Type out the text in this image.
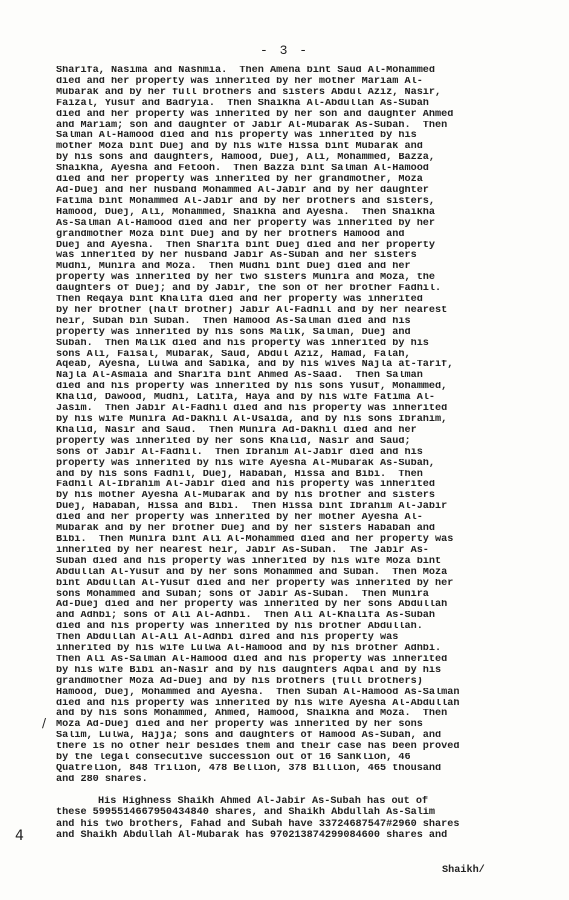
- 3 -
/
Sharifa, Nasima and Nashmia.  Then Amena bint Saud Al-Mohammed
died and her property was inherited by her mother Mariam Al-
Mubarak and by her full brothers and sisters Abdul Aziz, Nasir,
Faizal, Yusuf and Badryia.  Then Shaikha Al-Abdullah As-Subah
died and her property was inherited by her son and daughter Ahmed
and Mariam; son and daughter of Jabir Al-Mubarak As-Subah.  Then
Salman Al-Hamood died and his property was inherited by his
mother Moza bint Duej and by his wife Hissa bint Mubarak and
by his sons and daughters, Hamood, Duej, Ali, Mohammed, Bazza,
Shaikha, Ayesha and Fetooh.  Then Bazza bint Salman Al-Hamood
died and her property was inherited by her grandmother, Moza
Ad-Duej and her husband Mohammed Al-Jabir and by her daughter
Fatima bint Mohammed Al-Jabir and by her brothers and sisters,
Hamood, Duej, Ali, Mohammed, Shaikha and Ayesha.  Then Shaikha
As-Salman Al-Hamood died and her property was inherited by her
grandmother Moza bint Duej and by her brothers Hamood and
Duej and Ayesha.  Then Sharifa bint Duej died and her property
was inherited by her husband Jabir As-Subah and her sisters
Mudhi, Munira and Moza.  Then Mudhi bint Duej died and her
property was inherited by her two sisters Munira and Moza, the
daughters of Duej; and by Jabir, the son of her brother Fadhil.
Then Reqaya bint Khalifa died and her property was inherited
by her brother (half brother) Jabir Al-Fadhil and by her nearest
heir, Subah bin Subah.  Then Hamood As-Salman died and his
property was inherited by his sons Malik, Salman, Duej and
Subah.  Then Malik died and his property was inherited by his
sons Ali, Faisal, Mubarak, Saud, Abdul Aziz, Hamad, Falah,
Aqeab, Ayesha, Lulwa and Sabika, and by his wives Najla at-Tarif,
Najla Al-Asmaia and Sharifa bint Ahmed As-Saad.  Then Salman
died and his property was inherited by his sons Yusuf, Mohammed,
Khalid, Dawood, Mudhi, Latifa, Haya and by his wife Fatima Al-
Jasim.  Then Jabir Al-Fadhil died and his property was inherited
by his wife Munira Ad-Dakhil Al-Usaida, and by his sons Ibrahim,
Khalid, Nasir and Saud.  Then Munira Ad-Dakhil died and her
property was inherited by her sons Khalid, Nasir and Saud;
sons of Jabir Al-Fadhil.  Then Ibrahim Al-Jabir died and his
property was inherited by his wife Ayesha Al-Mubarak As-Subah,
and by his sons Fadhil, Duej, Hababah, Hissa and Bibi.  Then
Fadhil Al-Ibrahim Al-Jabir died and his property was inherited
by his mother Ayesha Al-Mubarak and by his brother and sisters
Duej, Hababah, Hissa and Bibi.  Then Hissa bint Ibrahim Al-Jabir
died and her property was inherited by her mother Ayesha Al-
Mubarak and by her brother Duej and by her sisters Hababah and
Bibi.  Then Munira bint Ali Al-Mohammed died and her property was
inherited by her nearest heir, Jabir As-Subah.  The Jabir As-
Subah died and his property was inherited by his wife Moza bint
Abdullah Al-Yusuf and by her sons Mohammed and Subah.  Then Moza
bint Abdullah Al-Yusuf died and her property was inherited by her
sons Mohammed and Subah; sons of Jabir As-Subah.  Then Munira
Ad-Duej died and her property was inherited by her sons Abdullah
and Adhbi; sons of Ali Al-Adhbi.  Then Ali Al-Khalifa As-Subah
died and his property was inherited by his brother Abdullah.
Then Abdullah Al-Ali Al-Adhbi dired and his property was
inherited by his wife Lulwa Al-Hamood and by his brother Adhbi.
Then Ali As-Salman Al-Hamood died and his property was inherited
by his wife Bibi an-Nasir and by his daughters Aqbal and by his
grandmother Moza Ad-Duej and by his brothers (full brothers)
Hamood, Duej, Mohammed and Ayesha.  Then Subah Al-Hamood As-Salman
died and his property was inherited by his wife Ayesha Al-Abdullah
and by his sons Mohammed, Ahmed, Hamood, Shaikha and Moza.  Then
Moza Ad-Duej died and her property was inherited by her sons
Salim, Lulwa, Hajja; sons and daughters of Hamood As-Subah, and
there is no other heir besides them and their case has been proved
by the legal consecutive succession out of 16 Sanklion, 46
Quatrelion, 848 Trilion, 478 Bellion, 378 Billion, 465 thousand
and 280 shares.
His Highness Shaikh Ahmed Al-Jabir As-Subah has out of
these 5995514667950434840 shares, and Shaikh Abdullah As-Salim
and his two brothers, Fahad and Subah have 33724687547#2960 shares
and Shaikh Abdullah Al-Mubarak has 970213874299084600 shares and
4
Shaikh/
